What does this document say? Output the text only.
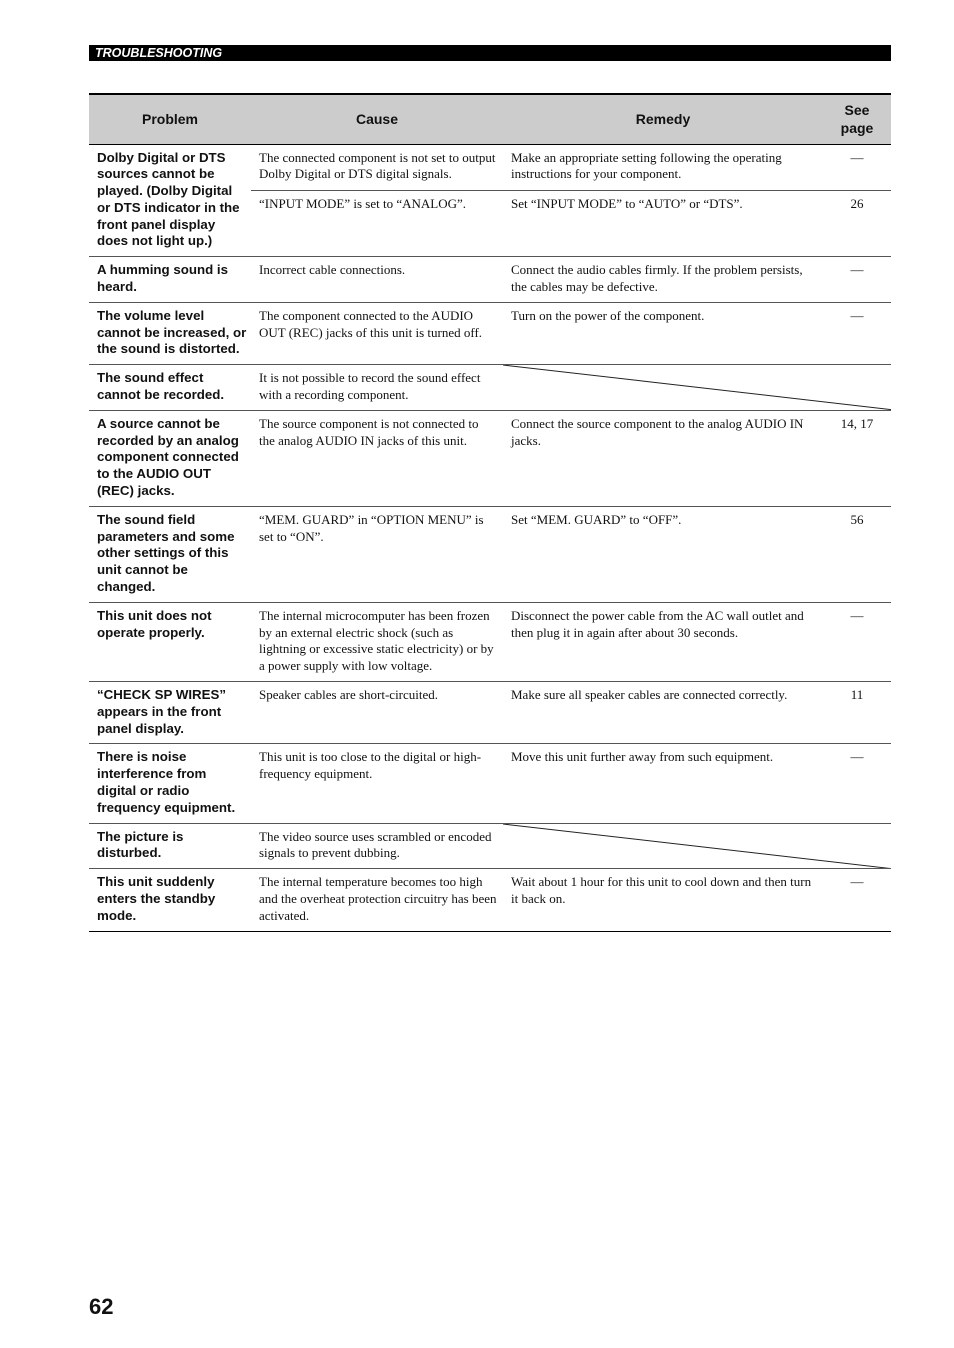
TROUBLESHOOTING
Problem	Cause	Remedy	See page
Dolby Digital or DTS sources cannot be played. (Dolby Digital or DTS indicator in the front panel display does not light up.)	The connected component is not set to output Dolby Digital or DTS digital signals.	Make an appropriate setting following the operating instructions for your component.	—
	“INPUT MODE” is set to “ANALOG”.	Set “INPUT MODE” to “AUTO” or “DTS”.	26
A humming sound is heard.	Incorrect cable connections.	Connect the audio cables firmly. If the problem persists, the cables may be defective.	—
The volume level cannot be increased, or the sound is distorted.	The component connected to the AUDIO OUT (REC) jacks of this unit is turned off.	Turn on the power of the component.	—
The sound effect cannot be recorded.	It is not possible to record the sound effect with a recording component.	

A source cannot be recorded by an analog component connected to the AUDIO OUT (REC) jacks.	The source component is not connected to the analog AUDIO IN jacks of this unit.	Connect the source component to the analog AUDIO IN jacks.	14, 17
The sound field parameters and some other settings of this unit cannot be changed.	“MEM. GUARD” in “OPTION MENU” is set to “ON”.	Set “MEM. GUARD” to “OFF”.	56
This unit does not operate properly.	The internal microcomputer has been frozen by an external electric shock (such as lightning or excessive static electricity) or by a power supply with low voltage.	Disconnect the power cable from the AC wall outlet and then plug it in again after about 30 seconds.	—
“CHECK SP WIRES” appears in the front panel display.	Speaker cables are short-circuited.	Make sure all speaker cables are connected correctly.	11
There is noise interference from digital or radio frequency equipment.	This unit is too close to the digital or high-frequency equipment.	Move this unit further away from such equipment.	—
The picture is disturbed.	The video source uses scrambled or encoded signals to prevent dubbing.	

This unit suddenly enters the standby mode.	The internal temperature becomes too high and the overheat protection circuitry has been activated.	Wait about 1 hour for this unit to cool down and then turn it back on.	—
62
